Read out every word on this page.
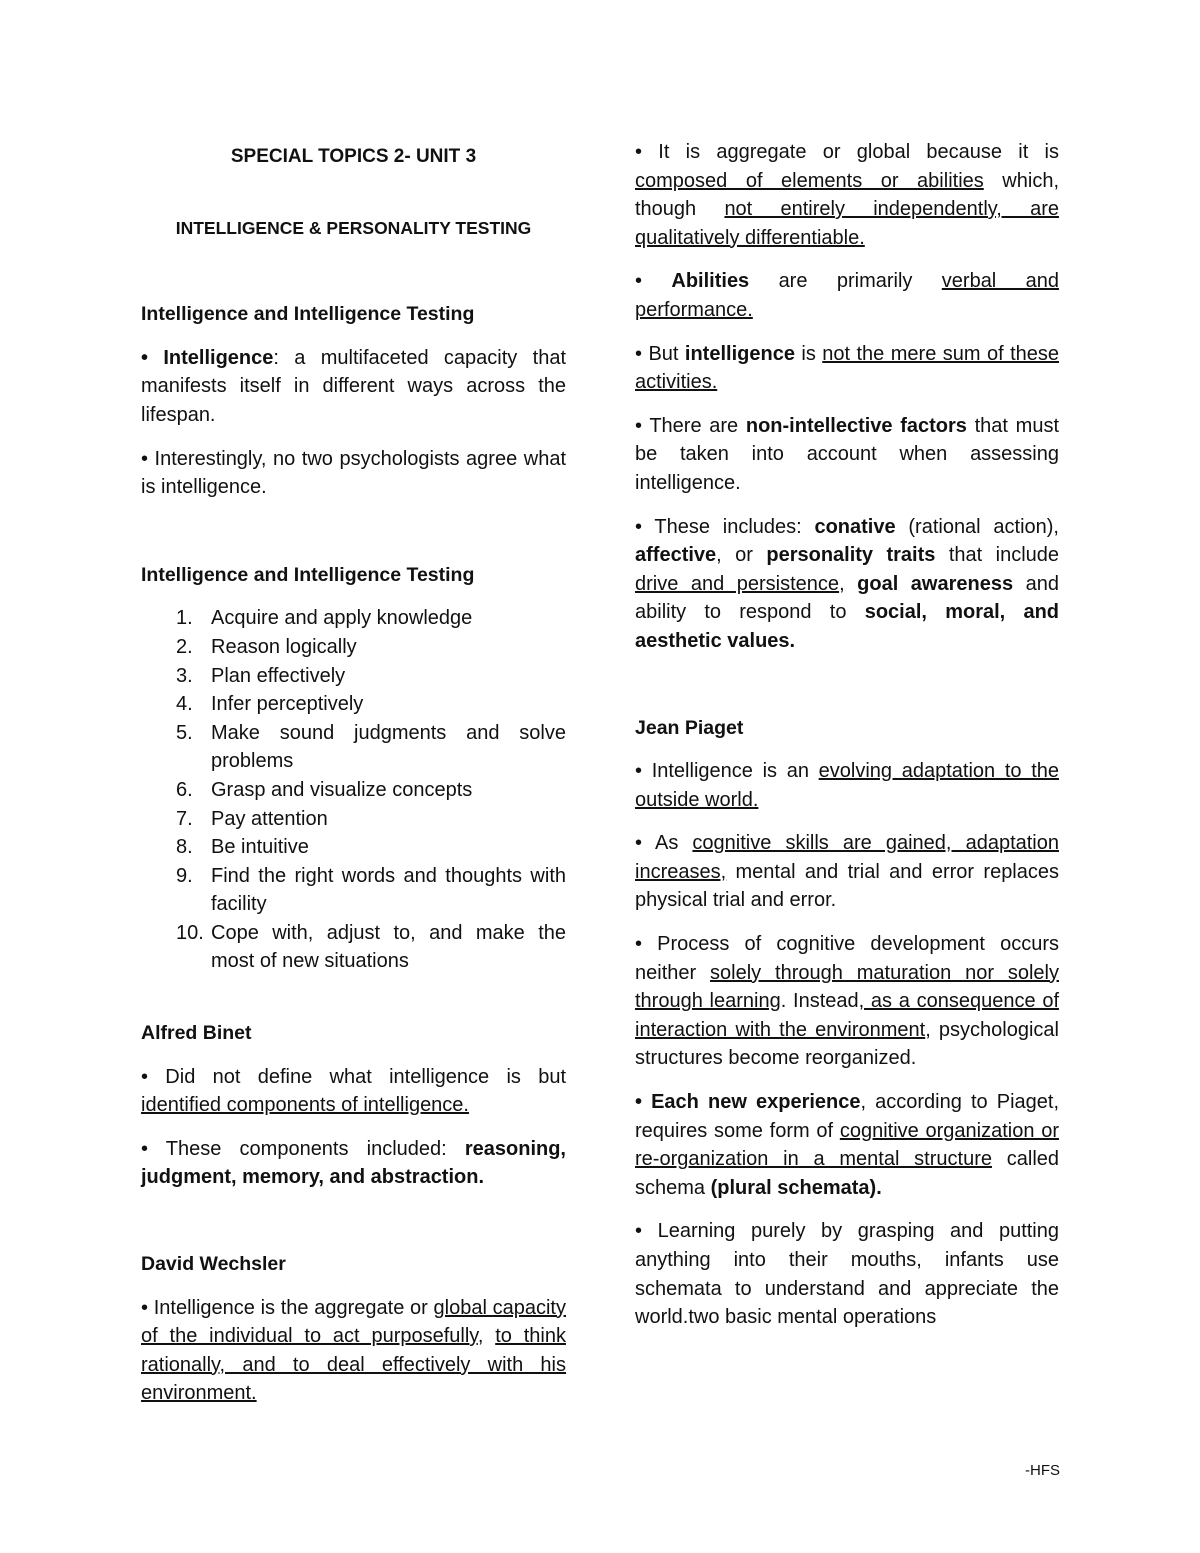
SPECIAL TOPICS 2- UNIT 3
INTELLIGENCE & PERSONALITY TESTING
Intelligence and Intelligence Testing

• Intelligence: a multifaceted capacity that manifests itself in different ways across the lifespan.

• Interestingly, no two psychologists agree what is intelligence.

Intelligence and Intelligence Testing
1. Acquire and apply knowledge
2. Reason logically
3. Plan effectively
4. Infer perceptively
5. Make sound judgments and solve problems
6. Grasp and visualize concepts
7. Pay attention
8. Be intuitive
9. Find the right words and thoughts with facility
10. Cope with, adjust to, and make the most of new situations
Alfred Binet

• Did not define what intelligence is but identified components of intelligence.

• These components included: reasoning, judgment, memory, and abstraction.

David Wechsler

• Intelligence is the aggregate or global capacity of the individual to act purposefully, to think rationally, and to deal effectively with his environment.

• It is aggregate or global because it is composed of elements or abilities which, though not entirely independently, are qualitatively differentiable.

• Abilities are primarily verbal and performance.

• But intelligence is not the mere sum of these activities.

• There are non-intellective factors that must be taken into account when assessing intelligence.

• These includes: conative (rational action), affective, or personality traits that include drive and persistence, goal awareness and ability to respond to social, moral, and aesthetic values.

Jean Piaget

• Intelligence is an evolving adaptation to the outside world.

• As cognitive skills are gained, adaptation increases, mental and trial and error replaces physical trial and error.

• Process of cognitive development occurs neither solely through maturation nor solely through learning. Instead, as a consequence of interaction with the environment, psychological structures become reorganized.

• Each new experience, according to Piaget, requires some form of cognitive organization or re-organization in a mental structure called schema (plural schemata).

• Learning purely by grasping and putting anything into their mouths, infants use schemata to understand and appreciate the world.two basic mental operations

-HFS
